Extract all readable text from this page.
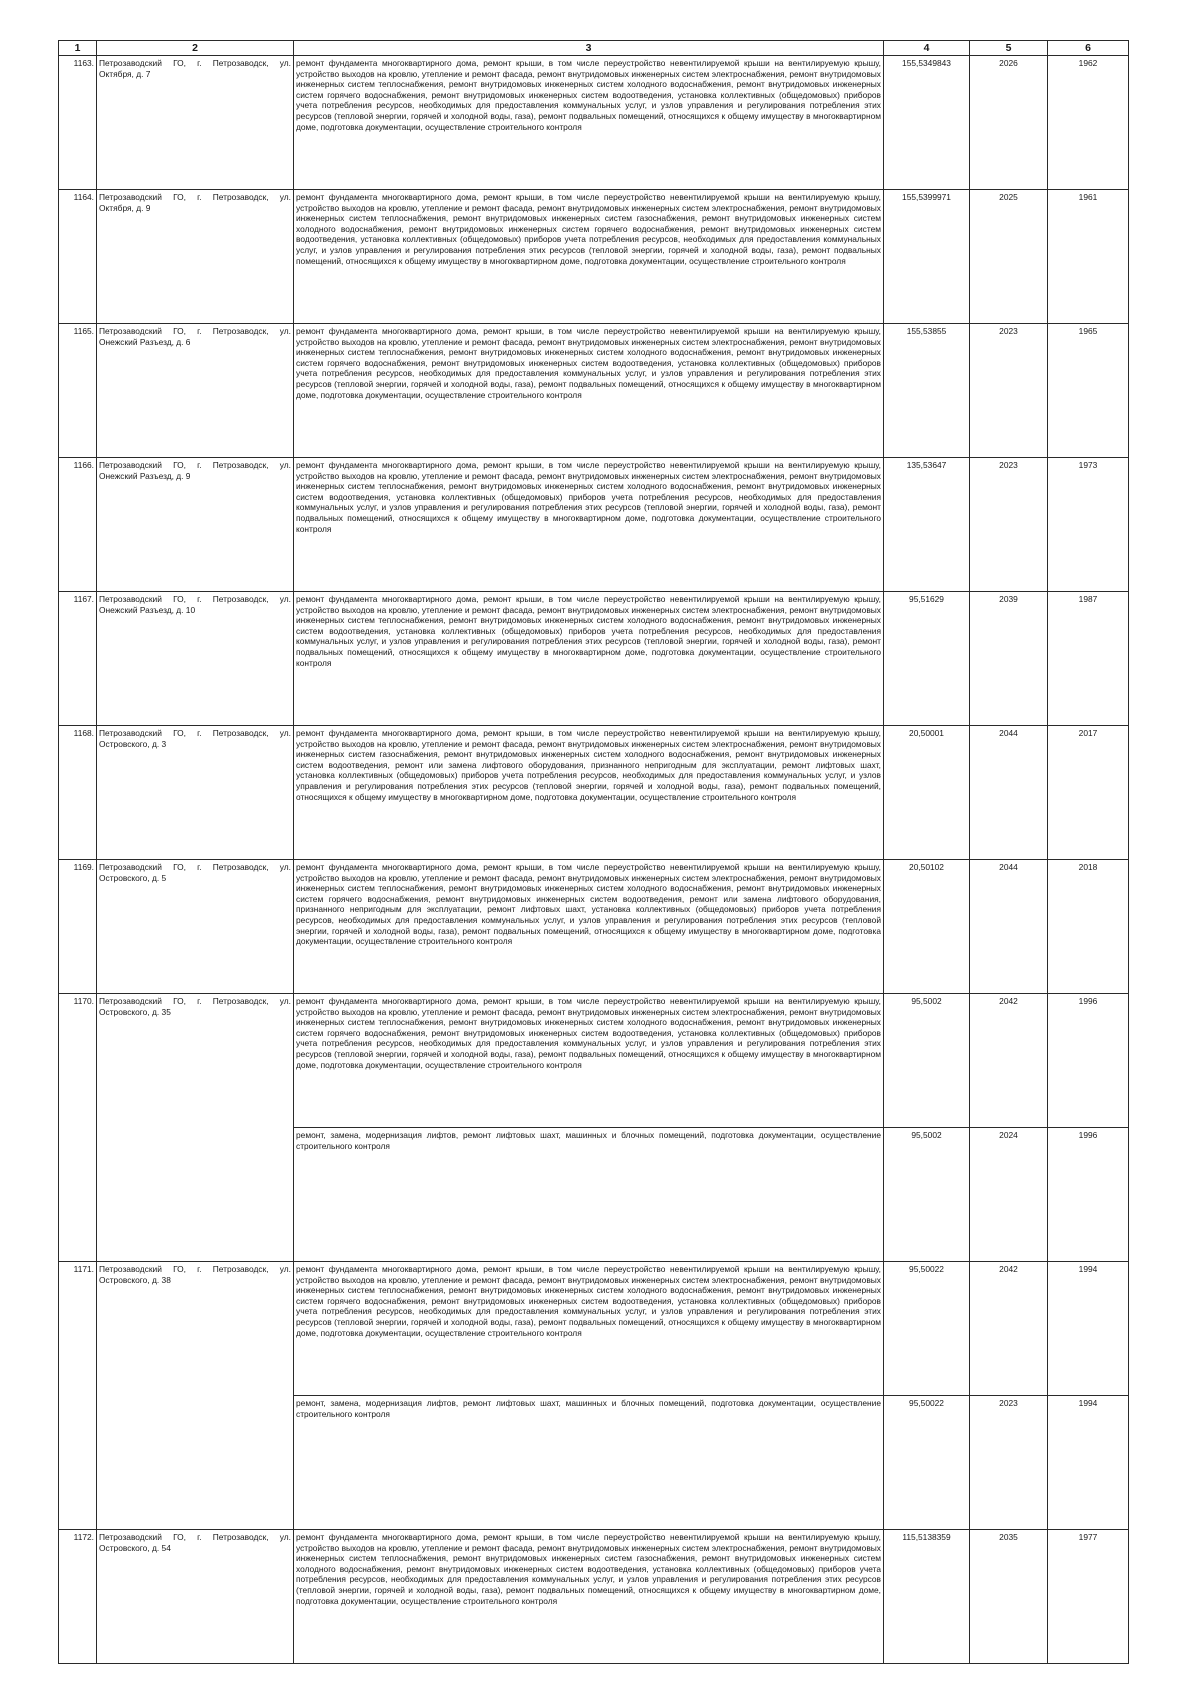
1	2	3	4	5	6
1163.	Петрозаводский ГО, г. Петрозаводск, ул. Октября, д. 7	ремонт фундамента многоквартирного дома, ремонт крыши, в том числе переустройство невентилируемой крыши на вентилируемую крышу, устройство выходов на кровлю, утепление и ремонт фасада, ремонт внутридомовых инженерных систем электроснабжения, ремонт внутридомовых инженерных систем теплоснабжения, ремонт внутридомовых инженерных систем холодного водоснабжения, ремонт внутридомовых инженерных систем горячего водоснабжения, ремонт внутридомовых инженерных систем водоотведения, установка коллективных (общедомовых) приборов учета потребления ресурсов, необходимых для предоставления коммунальных услуг, и узлов управления и регулирования потребления этих ресурсов (тепловой энергии, горячей и холодной воды, газа), ремонт подвальных помещений, относящихся к общему имуществу в многоквартирном доме, подготовка документации, осуществление строительного контроля	155,5349843	2026	1962
1164.	Петрозаводский ГО, г. Петрозаводск, ул. Октября, д. 9	ремонт фундамента многоквартирного дома, ремонт крыши, в том числе переустройство невентилируемой крыши на вентилируемую крышу, устройство выходов на кровлю, утепление и ремонт фасада, ремонт внутридомовых инженерных систем электроснабжения, ремонт внутридомовых инженерных систем теплоснабжения, ремонт внутридомовых инженерных систем газоснабжения, ремонт внутридомовых инженерных систем холодного водоснабжения, ремонт внутридомовых инженерных систем горячего водоснабжения, ремонт внутридомовых инженерных систем водоотведения, установка коллективных (общедомовых) приборов учета потребления ресурсов, необходимых для предоставления коммунальных услуг, и узлов управления и регулирования потребления этих ресурсов (тепловой энергии, горячей и холодной воды, газа), ремонт подвальных помещений, относящихся к общему имуществу в многоквартирном доме, подготовка документации, осуществление строительного контроля	155,5399971	2025	1961
1165.	Петрозаводский ГО, г. Петрозаводск, ул. Онежский Разъезд, д. 6	ремонт фундамента многоквартирного дома, ремонт крыши, в том числе переустройство невентилируемой крыши на вентилируемую крышу, устройство выходов на кровлю, утепление и ремонт фасада, ремонт внутридомовых инженерных систем электроснабжения, ремонт внутридомовых инженерных систем теплоснабжения, ремонт внутридомовых инженерных систем холодного водоснабжения, ремонт внутридомовых инженерных систем горячего водоснабжения, ремонт внутридомовых инженерных систем водоотведения, установка коллективных (общедомовых) приборов учета потребления ресурсов, необходимых для предоставления коммунальных услуг, и узлов управления и регулирования потребления этих ресурсов (тепловой энергии, горячей и холодной воды, газа), ремонт подвальных помещений, относящихся к общему имуществу в многоквартирном доме, подготовка документации, осуществление строительного контроля	155,53855	2023	1965
1166.	Петрозаводский ГО, г. Петрозаводск, ул. Онежский Разъезд, д. 9	ремонт фундамента многоквартирного дома, ремонт крыши, в том числе переустройство невентилируемой крыши на вентилируемую крышу, устройство выходов на кровлю, утепление и ремонт фасада, ремонт внутридомовых инженерных систем электроснабжения, ремонт внутридомовых инженерных систем теплоснабжения, ремонт внутридомовых инженерных систем холодного водоснабжения, ремонт внутридомовых инженерных систем водоотведения, установка коллективных (общедомовых) приборов учета потребления ресурсов, необходимых для предоставления коммунальных услуг, и узлов управления и регулирования потребления этих ресурсов (тепловой энергии, горячей и холодной воды, газа), ремонт подвальных помещений, относящихся к общему имуществу в многоквартирном доме, подготовка документации, осуществление строительного контроля	135,53647	2023	1973
1167.	Петрозаводский ГО, г. Петрозаводск, ул. Онежский Разъезд, д. 10	ремонт фундамента многоквартирного дома, ремонт крыши, в том числе переустройство невентилируемой крыши на вентилируемую крышу, устройство выходов на кровлю, утепление и ремонт фасада, ремонт внутридомовых инженерных систем электроснабжения, ремонт внутридомовых инженерных систем теплоснабжения, ремонт внутридомовых инженерных систем холодного водоснабжения, ремонт внутридомовых инженерных систем водоотведения, установка коллективных (общедомовых) приборов учета потребления ресурсов, необходимых для предоставления коммунальных услуг, и узлов управления и регулирования потребления этих ресурсов (тепловой энергии, горячей и холодной воды, газа), ремонт подвальных помещений, относящихся к общему имуществу в многоквартирном доме, подготовка документации, осуществление строительного контроля	95,51629	2039	1987
1168.	Петрозаводский ГО, г. Петрозаводск, ул. Островского, д. 3	ремонт фундамента многоквартирного дома, ремонт крыши, в том числе переустройство невентилируемой крыши на вентилируемую крышу, устройство выходов на кровлю, утепление и ремонт фасада, ремонт внутридомовых инженерных систем электроснабжения, ремонт внутридомовых инженерных систем газоснабжения, ремонт внутридомовых инженерных систем холодного водоснабжения, ремонт внутридомовых инженерных систем водоотведения, ремонт или замена лифтового оборудования, признанного непригодным для эксплуатации, ремонт лифтовых шахт, установка коллективных (общедомовых) приборов учета потребления ресурсов, необходимых для предоставления коммунальных услуг, и узлов управления и регулирования потребления этих ресурсов (тепловой энергии, горячей и холодной воды, газа), ремонт подвальных помещений, относящихся к общему имуществу в многоквартирном доме, подготовка документации, осуществление строительного контроля	20,50001	2044	2017
1169.	Петрозаводский ГО, г. Петрозаводск, ул. Островского, д. 5	ремонт фундамента многоквартирного дома, ремонт крыши, в том числе переустройство невентилируемой крыши на вентилируемую крышу, устройство выходов на кровлю, утепление и ремонт фасада, ремонт внутридомовых инженерных систем электроснабжения, ремонт внутридомовых инженерных систем теплоснабжения, ремонт внутридомовых инженерных систем холодного водоснабжения, ремонт внутридомовых инженерных систем горячего водоснабжения, ремонт внутридомовых инженерных систем водоотведения, ремонт или замена лифтового оборудования, признанного непригодным для эксплуатации, ремонт лифтовых шахт, установка коллективных (общедомовых) приборов учета потребления ресурсов, необходимых для предоставления коммунальных услуг, и узлов управления и регулирования потребления этих ресурсов (тепловой энергии, горячей и холодной воды, газа), ремонт подвальных помещений, относящихся к общему имуществу в многоквартирном доме, подготовка документации, осуществление строительного контроля	20,50102	2044	2018
1170.	Петрозаводский ГО, г. Петрозаводск, ул. Островского, д. 35	ремонт фундамента многоквартирного дома, ремонт крыши, в том числе переустройство невентилируемой крыши на вентилируемую крышу, устройство выходов на кровлю, утепление и ремонт фасада, ремонт внутридомовых инженерных систем электроснабжения, ремонт внутридомовых инженерных систем теплоснабжения, ремонт внутридомовых инженерных систем холодного водоснабжения, ремонт внутридомовых инженерных систем горячего водоснабжения, ремонт внутридомовых инженерных систем водоотведения, установка коллективных (общедомовых) приборов учета потребления ресурсов, необходимых для предоставления коммунальных услуг, и узлов управления и регулирования потребления этих ресурсов (тепловой энергии, горячей и холодной воды, газа), ремонт подвальных помещений, относящихся к общему имуществу в многоквартирном доме, подготовка документации, осуществление строительного контроля	95,5002	2042	1996
		ремонт, замена, модернизация лифтов, ремонт лифтовых шахт, машинных и блочных помещений, подготовка документации, осуществление строительного контроля	95,5002	2024	1996
1171.	Петрозаводский ГО, г. Петрозаводск, ул. Островского, д. 38	ремонт фундамента многоквартирного дома, ремонт крыши, в том числе переустройство невентилируемой крыши на вентилируемую крышу, устройство выходов на кровлю, утепление и ремонт фасада, ремонт внутридомовых инженерных систем электроснабжения, ремонт внутридомовых инженерных систем теплоснабжения, ремонт внутридомовых инженерных систем холодного водоснабжения, ремонт внутридомовых инженерных систем горячего водоснабжения, ремонт внутридомовых инженерных систем водоотведения, установка коллективных (общедомовых) приборов учета потребления ресурсов, необходимых для предоставления коммунальных услуг, и узлов управления и регулирования потребления этих ресурсов (тепловой энергии, горячей и холодной воды, газа), ремонт подвальных помещений, относящихся к общему имуществу в многоквартирном доме, подготовка документации, осуществление строительного контроля	95,50022	2042	1994
		ремонт, замена, модернизация лифтов, ремонт лифтовых шахт, машинных и блочных помещений, подготовка документации, осуществление строительного контроля	95,50022	2023	1994
1172.	Петрозаводский ГО, г. Петрозаводск, ул. Островского, д. 54	ремонт фундамента многоквартирного дома, ремонт крыши, в том числе переустройство невентилируемой крыши на вентилируемую крышу, устройство выходов на кровлю, утепление и ремонт фасада, ремонт внутридомовых инженерных систем электроснабжения, ремонт внутридомовых инженерных систем теплоснабжения, ремонт внутридомовых инженерных систем газоснабжения, ремонт внутридомовых инженерных систем холодного водоснабжения, ремонт внутридомовых инженерных систем водоотведения, установка коллективных (общедомовых) приборов учета потребления ресурсов, необходимых для предоставления коммунальных услуг, и узлов управления и регулирования потребления этих ресурсов (тепловой энергии, горячей и холодной воды, газа), ремонт подвальных помещений, относящихся к общему имуществу в многоквартирном доме, подготовка документации, осуществление строительного контроля	115,5138359	2035	1977
